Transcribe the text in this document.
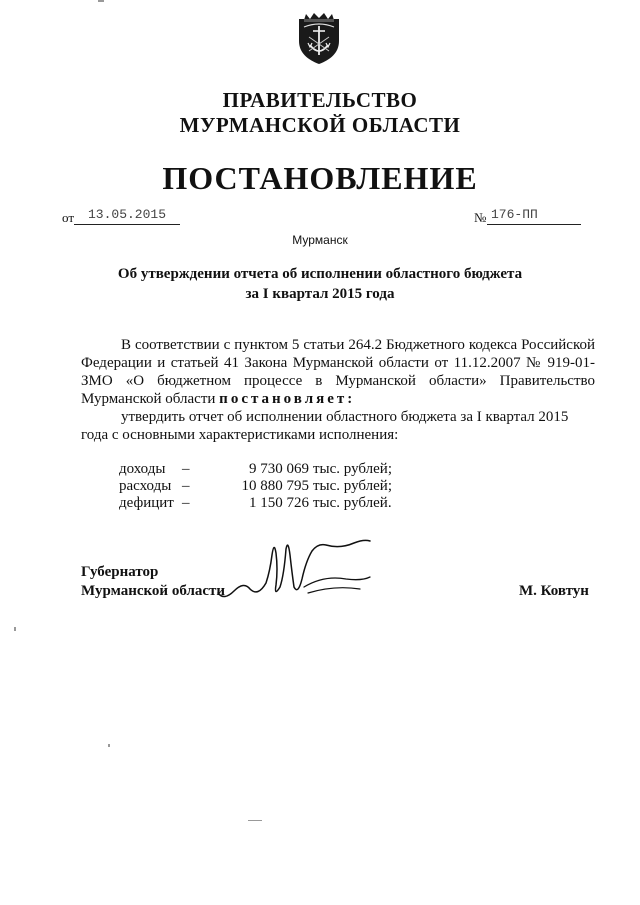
ПРАВИТЕЛЬСТВО
МУРМАНСКОЙ ОБЛАСТИ
ПОСТАНОВЛЕНИЕ
от	13.05.2015	№ 176-ПП
Мурманск
Об утверждении отчета об исполнении областного бюджета
за I квартал 2015 года
В соответствии с пунктом 5 статьи 264.2 Бюджетного кодекса Российской Федерации и статьей 41 Закона Мурманской области от 11.12.2007 № 919-01-ЗМО «О бюджетном процессе в Мурманской области» Правительство Мурманской области постановляет:
утвердить отчет об исполнении областного бюджета за I квартал 2015 года с основными характеристиками исполнения:
доходы –	9 730 069 тыс. рублей;
расходы –	10 880 795 тыс. рублей;
дефицит –	1 150 726 тыс. рублей.
Губернатор
Мурманской области	М. Ковтун
